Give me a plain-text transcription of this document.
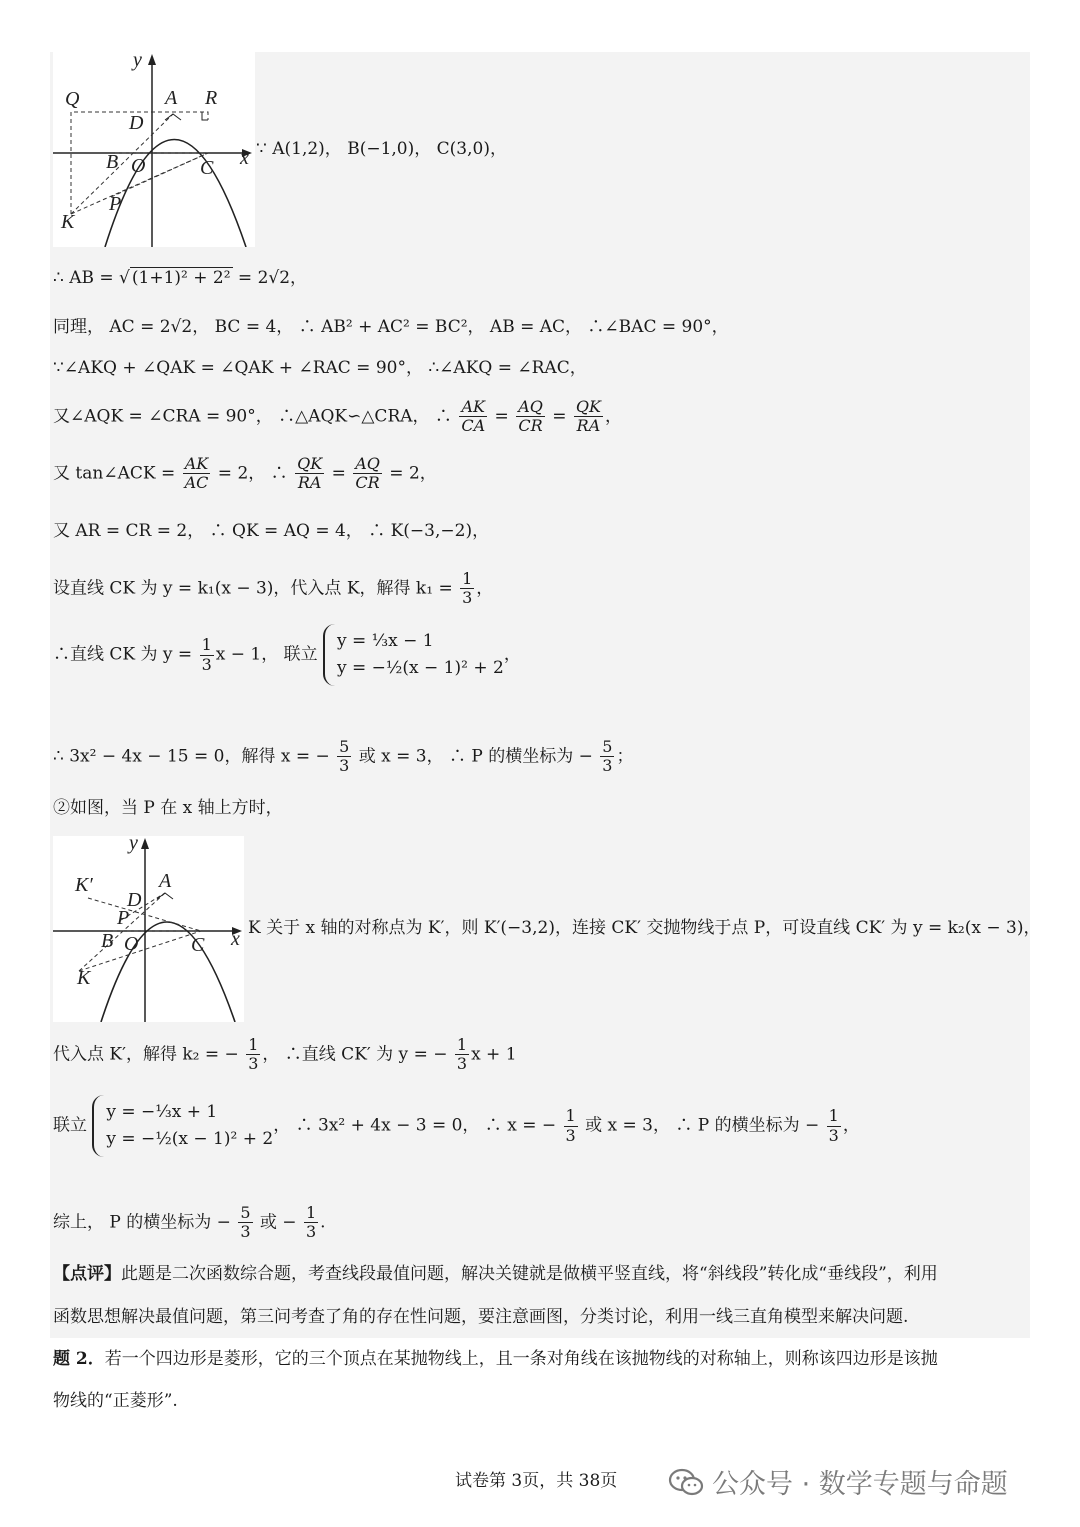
y
Q	A R
D
B O	C x
K
P
∵ A(1,2)， B(−1,0)， C(3,0)，
∴ AB = √ (1+1)² + 2² = 2√2，
同理， AC = 2√2， BC = 4， ∴ AB² + AC² = BC²， AB = AC， ∴∠BAC = 90°，
∵∠AKQ + ∠QAK = ∠QAK + ∠RAC = 90°， ∴∠AKQ = ∠RAC，
又∠AQK = ∠CRA = 90°， ∴△AQK∽△CRA， ∴ $\frac{AK}{CA} = \frac{AQ}{CR} = \frac{QK}{RA}$ ，
又 tan∠ACK = $\frac{AK}{AC} = 2$， ∴ $\frac{QK}{RA} = \frac{AQ}{CR} = 2$，
又 AR = CR = 2， ∴ QK = AQ = 4， ∴ K(−3,−2)，
设直线 CK 为 y = k₁(x − 3)，代入点 K，解得 $k_1 = \frac{1}{3}$ ，
∴直线 CK 为 $y = \frac{1}{3}$ x − 1， 联立
y = ⅓x − 1
y = −½(x − 1)² + 2
，
∴ 3x² − 4x − 15 = 0，解得 x = − $\frac{5}{3}$ 或 x = 3， ∴ P 的横坐标为 − $\frac{5}{3}$ ；
②如图，当 P 在 x 轴上方时，
y
K′	A
D
P
B O	C x
K
K 关于 x 轴的对称点为 K′，则 K′(−3,2)，连接 CK′ 交抛物线于点 P，可设直线 CK′ 为 y = k₂(x − 3)，
代入点 K′，解得 k₂ = − $\frac{1}{3}$ ， ∴直线 CK′ 为 y = − $\frac{1}{3}$ x + 1
联立
y = −⅓x + 1
y = −½(x − 1)² + 2
， ∴ 3x² + 4x − 3 = 0， ∴ x = − $\frac{1}{3}$ 或 x = 3， ∴ P 的横坐标为 − $\frac{1}{3}$ ，
综上， P 的横坐标为 − $\frac{5}{3}$ 或 − $\frac{1}{3}$ .
【点评】此题是二次函数综合题，考查线段最值问题，解决关键就是做横平竖直线，将“斜线段”转化成“垂线段”，利用
函数思想解决最值问题，第三问考查了角的存在性问题，要注意画图，分类讨论，利用一线三直角模型来解决问题.
题 2．若一个四边形是菱形，它的三个顶点在某抛物线上，且一条对角线在该抛物线的对称轴上，则称该四边形是该抛
物线的“正菱形”.
试卷第 3页，共 38页	公众号 · 数学专题与命题
